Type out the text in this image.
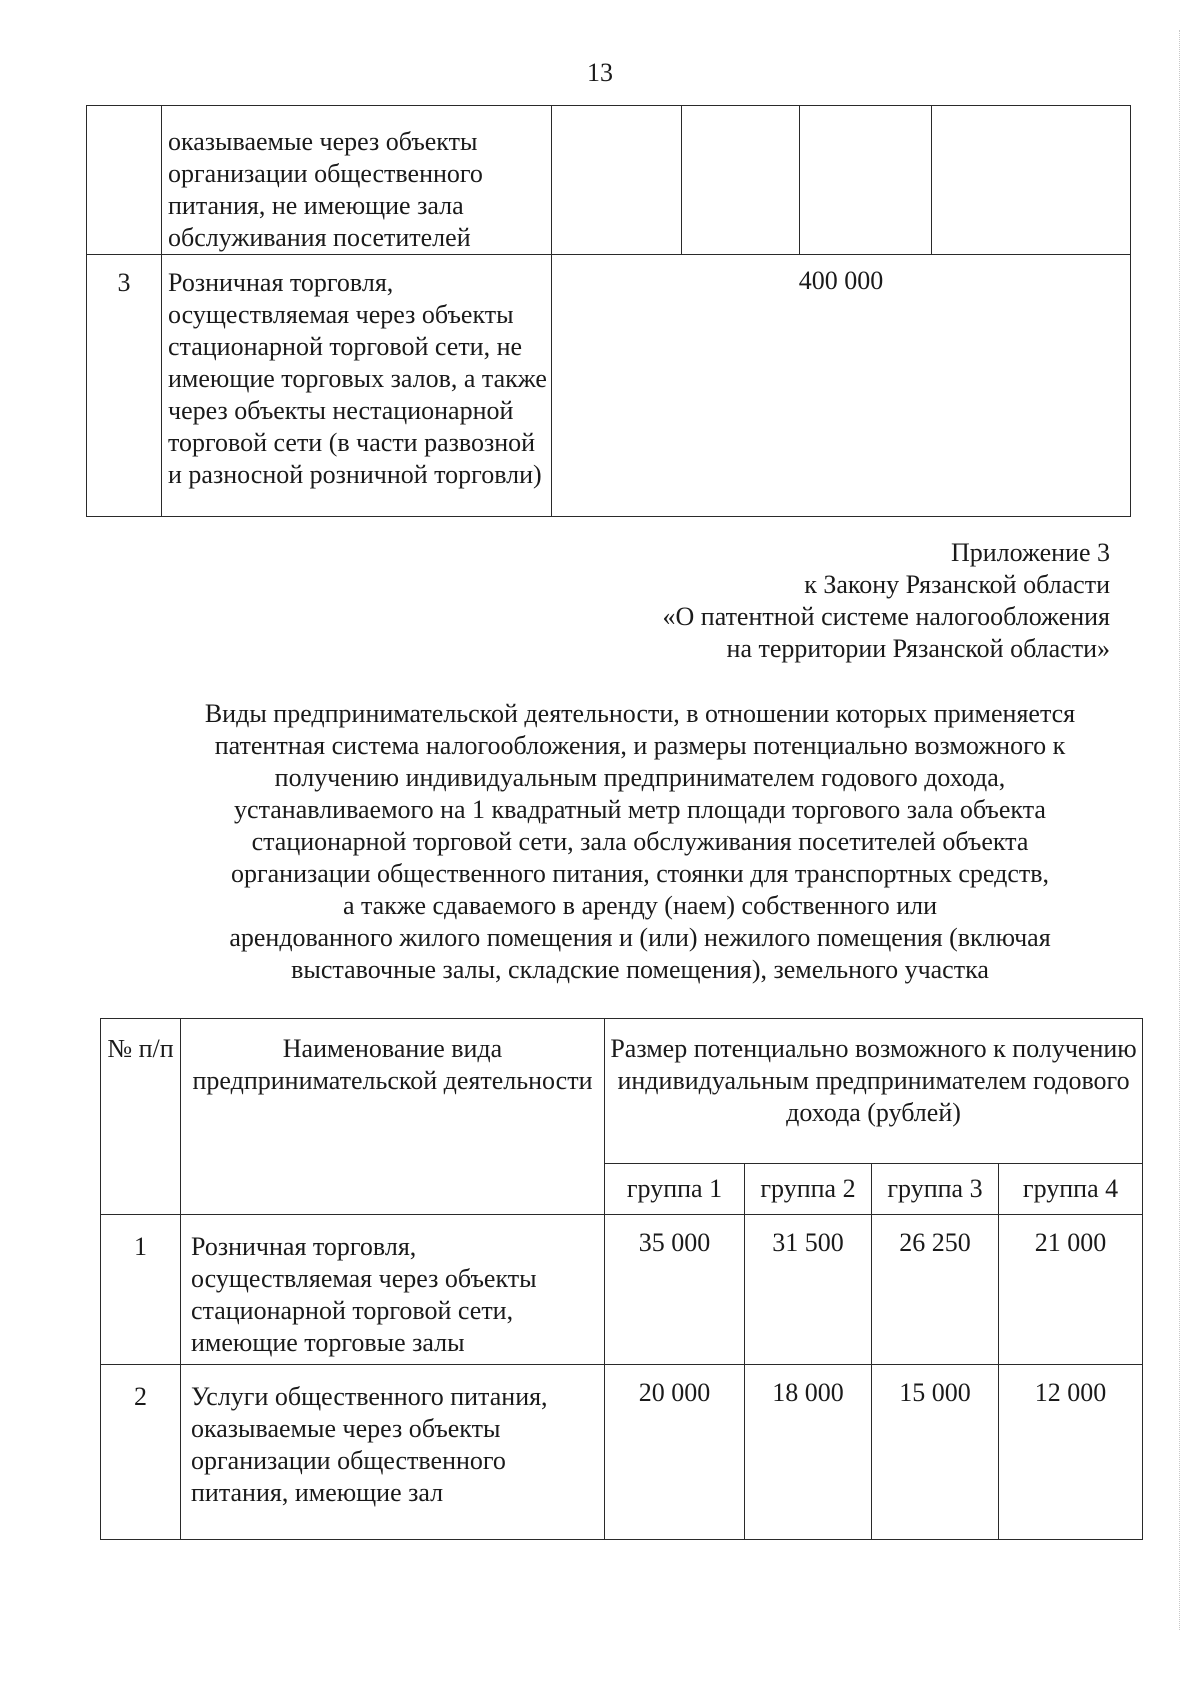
13
	оказываемые через объекты организации общественного питания, не имеющие зала обслуживания посетителей				
3	Розничная торговля, осуществляемая через объекты стационарной торговой сети, не имеющие торговых залов, а также через объекты нестационарной торговой сети (в части развозной и разносной розничной торговли)	400 000			
Приложение 3
к Закону Рязанской области
«О патентной системе налогообложения
на территории Рязанской области»
Виды предпринимательской деятельности, в отношении которых применяется
патентная система налогообложения, и размеры потенциально возможного к
получению индивидуальным предпринимателем годового дохода,
устанавливаемого на 1 квадратный метр площади торгового зала объекта
стационарной торговой сети, зала обслуживания посетителей объекта
организации общественного питания, стоянки для транспортных средств,
а также сдаваемого в аренду (наем) собственного или
арендованного жилого помещения и (или) нежилого помещения (включая
выставочные залы, складские помещения), земельного участка
№ п/п	Наименование вида предпринимательской деятельности	Размер потенциально возможного к получению индивидуальным предпринимателем годового дохода (рублей)			
		группа 1	группа 2	группа 3	группа 4
1	Розничная торговля, осуществляемая через объекты стационарной торговой сети, имеющие торговые залы	35 000	31 500	26 250	21 000
2	Услуги общественного питания, оказываемые через объекты организации общественного питания, имеющие зал	20 000	18 000	15 000	12 000
